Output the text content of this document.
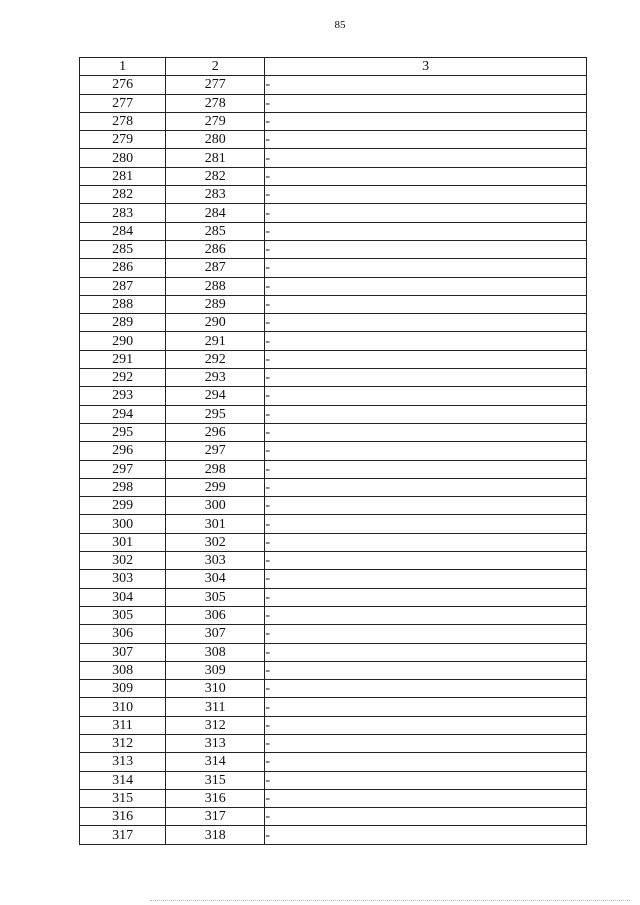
85
1	2	3
276	277	-
277	278	-
278	279	-
279	280	-
280	281	-
281	282	-
282	283	-
283	284	-
284	285	-
285	286	-
286	287	-
287	288	-
288	289	-
289	290	-
290	291	-
291	292	-
292	293	-
293	294	-
294	295	-
295	296	-
296	297	-
297	298	-
298	299	-
299	300	-
300	301	-
301	302	-
302	303	-
303	304	-
304	305	-
305	306	-
306	307	-
307	308	-
308	309	-
309	310	-
310	311	-
311	312	-
312	313	-
313	314	-
314	315	-
315	316	-
316	317	-
317	318	-
